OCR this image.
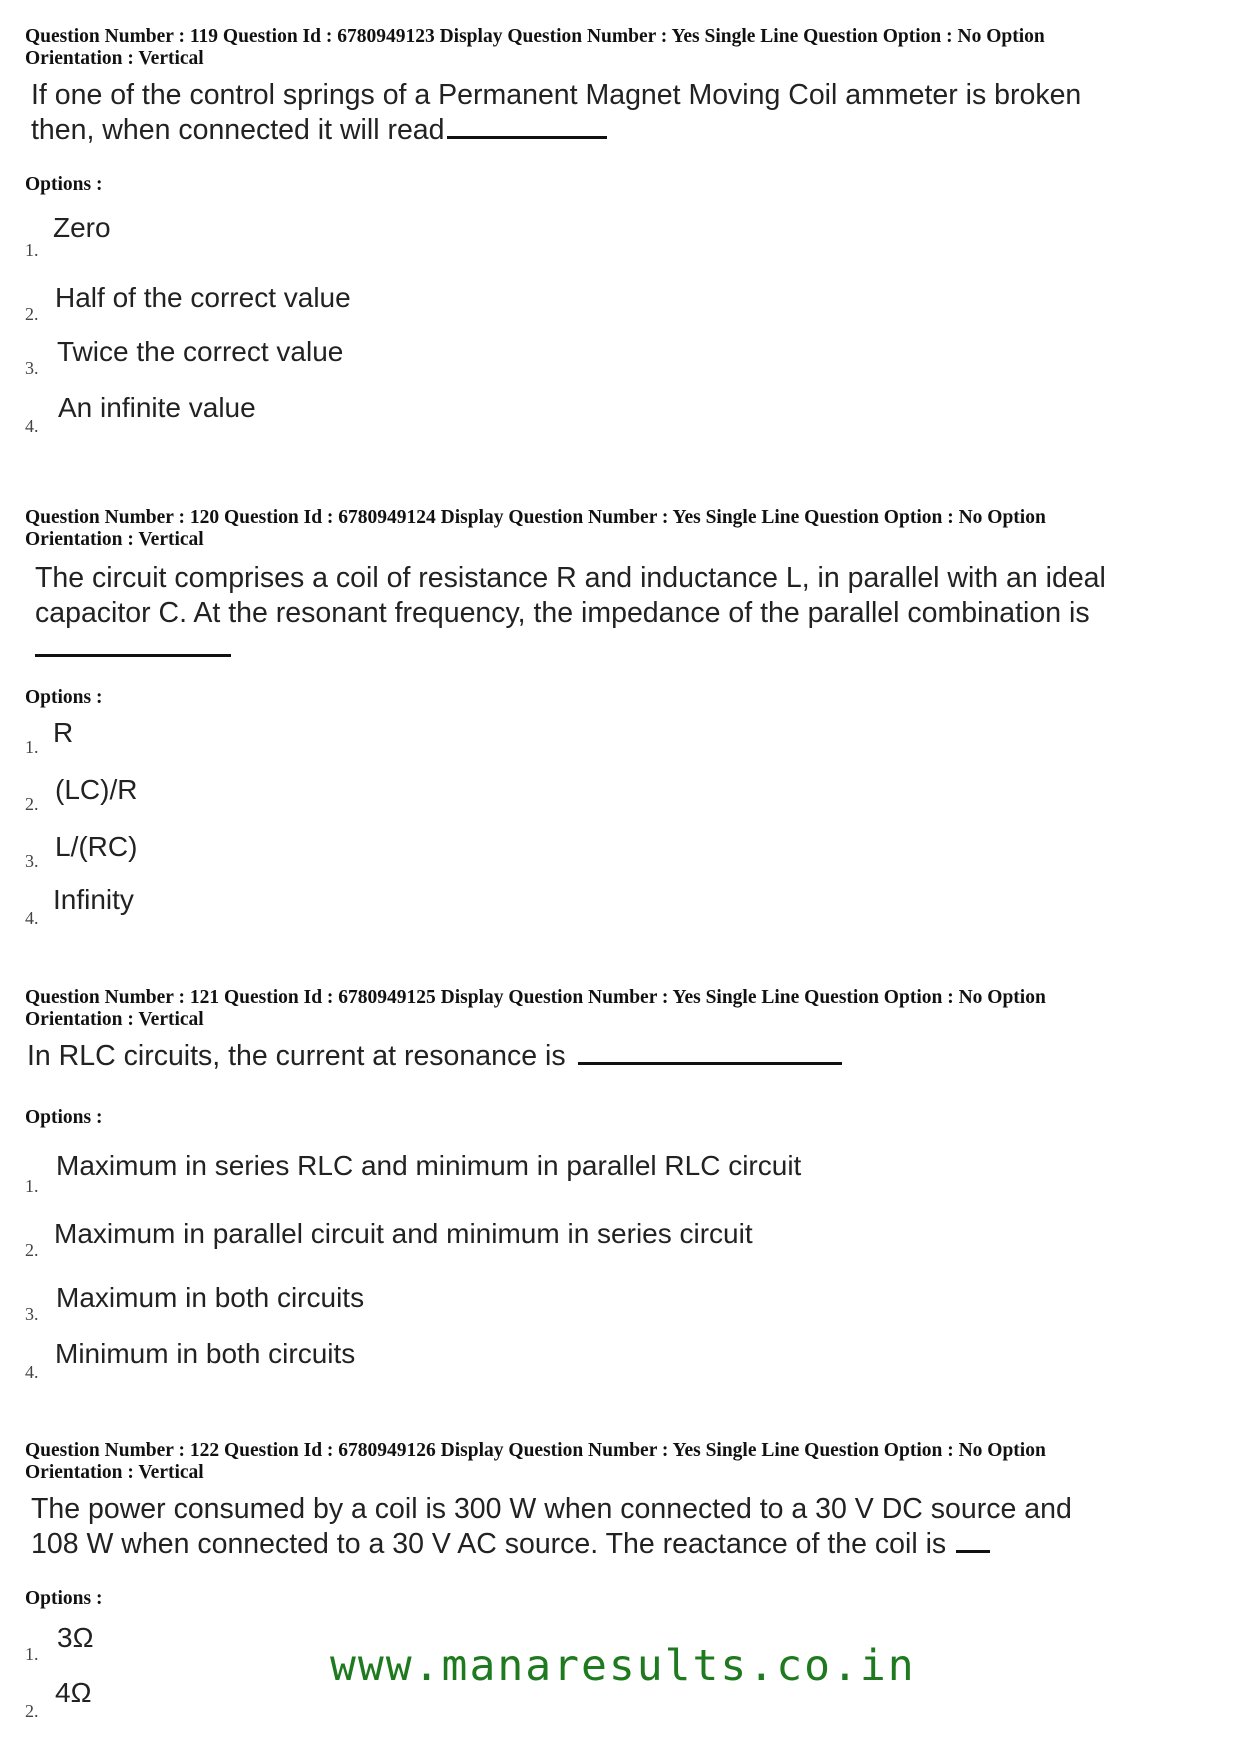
Question Number : 119 Question Id : 6780949123 Display Question Number : Yes Single Line Question Option : No Option
Orientation : Vertical
If one of the control springs of a Permanent Magnet Moving Coil ammeter is broken
then, when connected it will read
Options :
1.
Zero
2.
Half of the correct value
3.
Twice the correct value
4.
An infinite value
Question Number : 120 Question Id : 6780949124 Display Question Number : Yes Single Line Question Option : No Option
Orientation : Vertical
The circuit comprises a coil of resistance R and inductance L, in parallel with an ideal
capacitor C. At the resonant frequency, the impedance of the parallel combination is
Options :
1. R
2. (LC)/R
3. L/(RC)
4.
Infinity
Question Number : 121 Question Id : 6780949125 Display Question Number : Yes Single Line Question Option : No Option
Orientation : Vertical
In RLC circuits, the current at resonance is
Options :
1.
Maximum in series RLC and minimum in parallel RLC circuit
2.
Maximum in parallel circuit and minimum in series circuit
3.
Maximum in both circuits
4.
Minimum in both circuits
Question Number : 122 Question Id : 6780949126 Display Question Number : Yes Single Line Question Option : No Option
Orientation : Vertical
The power consumed by a coil is 300 W when connected to a 30 V DC source and
108 W when connected to a 30 V AC source. The reactance of the coil is
Options :
1.
3Ω
2.
4Ω
www.manaresults.co.in
